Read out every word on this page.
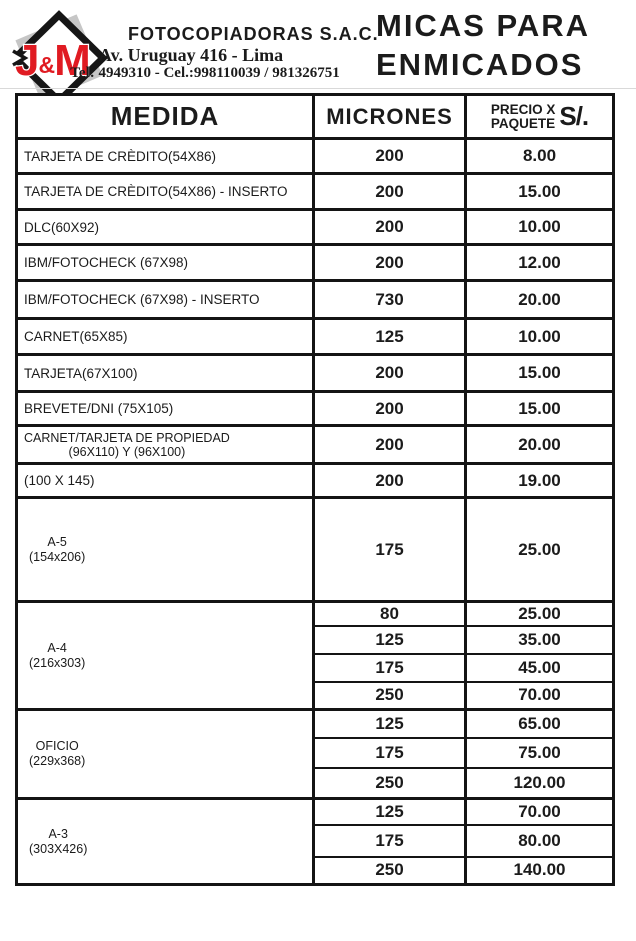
J&M
FOTOCOPIADORAS S.A.C.
Av. Uruguay 416 - Lima
Tel: 4949310 - Cel.:998110039 / 981326751
MICAS PARA
ENMICADOS
MEDIDA	MICRONES	PRECIO X
PAQUETE S/.

TARJETA DE CRÈDITO(54X86)	200	8.00
TARJETA DE CRÈDITO(54X86) - INSERTO	200	15.00
DLC(60X92)	200	10.00
IBM/FOTOCHECK (67X98)	200	12.00
IBM/FOTOCHECK (67X98) - INSERTO	730	20.00
CARNET(65X85)	125	10.00
TARJETA(67X100)	200	15.00
BREVETE/DNI (75X105)	200	15.00
CARNET/TARJETA DE PROPIEDAD
(96X110) Y (96X100)	200	20.00
(100 X 145)	200	19.00
A-5
(154x206)	175	25.00
A-4
(216x303)	80	25.00
	125	35.00
	175	45.00
	250	70.00
OFICIO
(229x368)	125	65.00
	175	75.00
	250	120.00
A-3
(303X426)	125	70.00
	175	80.00
	250	140.00
